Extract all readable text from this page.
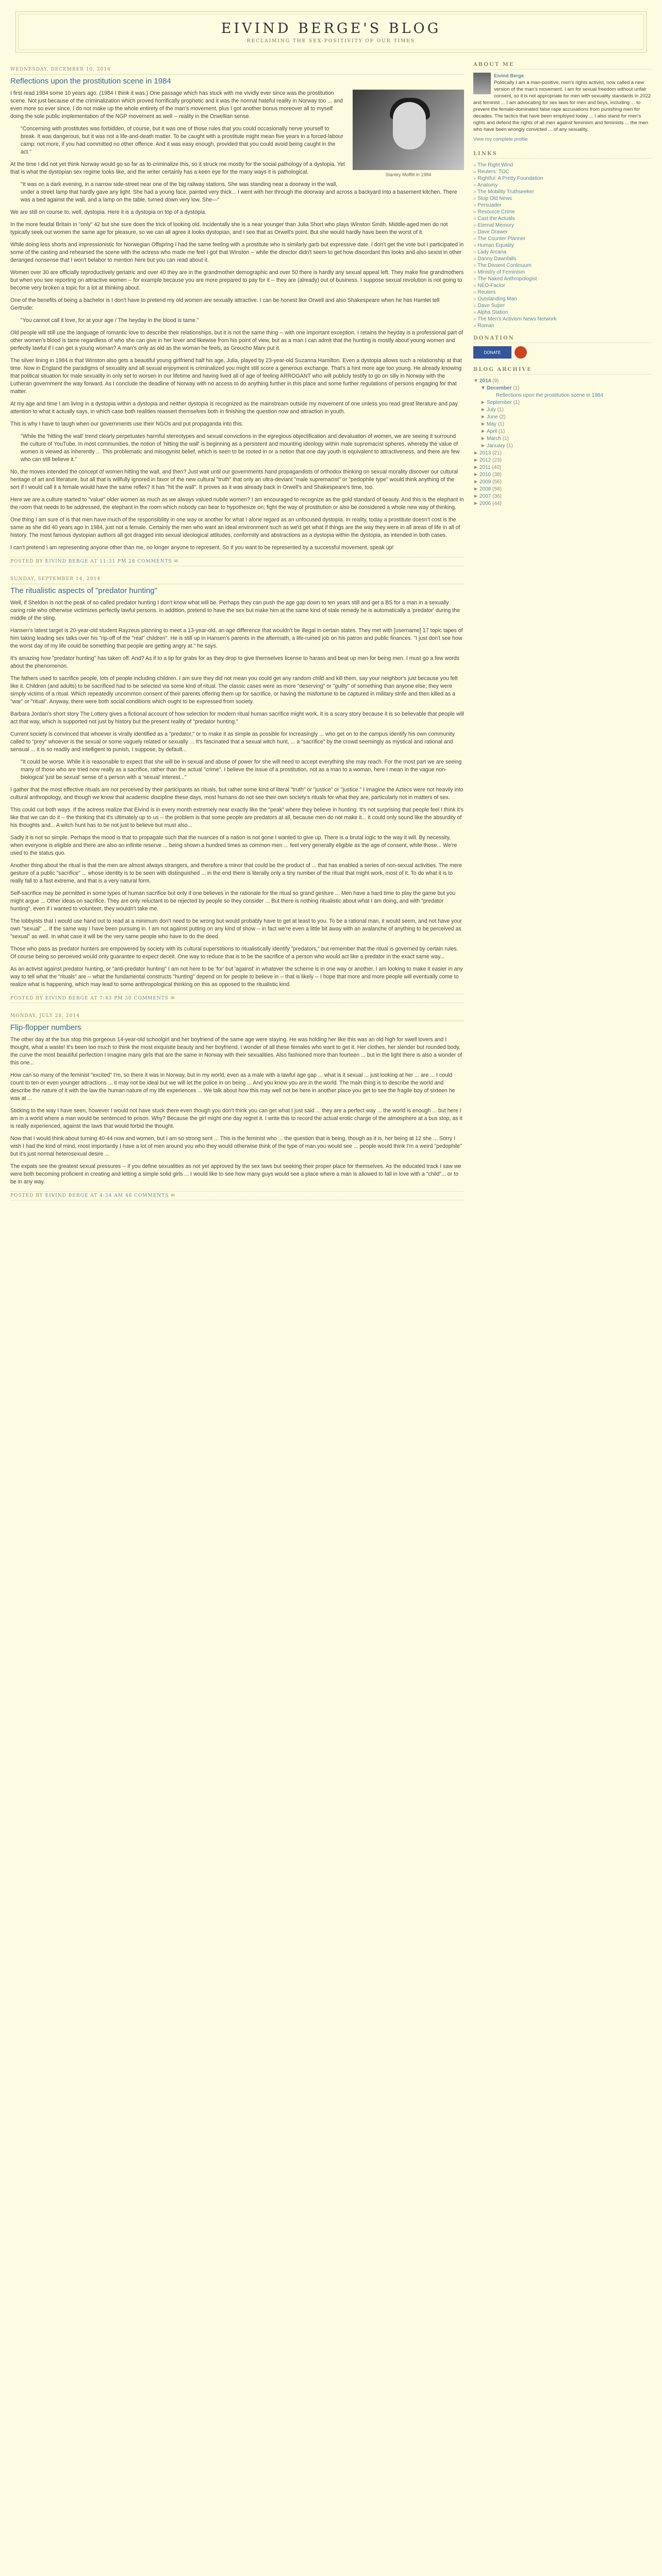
EIVIND BERGE'S BLOG

RECLAIMING THE SEX-POSITIVITY OF OUR TIMES

WEDNESDAY, DECEMBER 10, 2014
Reflections upon the prostitution scene in 1984
Stanley Moffitt in 1984

I first read 1984 some 10 years ago. (1984 I think it was.) One passage which has stuck with me vividly ever since was the prostitution scene. Not just because of the criminalization which proved horrifically prophetic and it was the normal hateful reality in Norway too ... and even more so ever since. I do not make up the whole entirety of the man's movement, plus I got another bonus moreover all to myself doing the sole public implementation of the NGP movement as well -- reality in the Orwellian sense.

"Concerning with prostitutes was forbidden, of course, but it was one of those rules that you could occasionally nerve yourself to break. It was dangerous, but it was not a life-and-death matter. To be caught with a prostitute might mean five years in a forced-labour camp: not more, if you had committed no other offence. And it was easy enough, provided that you could avoid being caught in the act."

At the time I did not yet think Norway would go so far as to criminalize this, so it struck me mostly for the social pathology of a dystopia. Yet that is what the dystopian sex regime looks like, and the writer certainly has a keen eye for the many ways it is pathological.

"It was on a dark evening, in a narrow side-street near one of the big railway stations. She was standing near a doorway in the wall, under a street lamp that hardly gave any light. She had a young face, painted very thick... I went with her through the doorway and across a backyard into a basement kitchen. There was a bed against the wall, and a lamp on the table, turned down very low. She—"

We are still on course to, well, dystopia. Here it is a dystopia on top of a dystopia.

In the more feudal Britain in "only" 42 but she sure does the trick of looking old. Incidentally she is a near younger than Julia Short who plays Winston Smith. Middle-aged men do not typically seek out women the same age for pleasure, so we can all agree it looks dystopian, and I see that as Orwell's point. But she would hardly have been the worst of it.

While doing less shorts and impressionistic for Norwegian Offspring I had the same feeling with a prostitute who is similarly garb but expressive date. I don't get the vote but I participated in some of the casting and rehearsed the scene with the actress who made me feel I got that Winston -- while the director didn't seem to get how discordant this looks and also sexist in other deranged nonsense that I won't belabor to mention here but you can read about it.

Women over 30 are officially reproductively geriatric and over 40 they are in the grandmother demographic and over 50 there is hardly any sexual appeal left. They make fine grandmothers but when you see reporting on attractive women -- for example because you are more prepared to pay for it -- they are (already) out of business. I suppose sexual revolution is not going to become very broken a topic for a lot at thinking about.

One of the benefits of being a bachelor is I don't have to pretend my old women are sexually attractive. I can be honest like Orwell and also Shakespeare when he has Hamlet tell Gertrude:

"You cannot call it love, for at your age / The heyday in the blood is tame."

Old people will still use the language of romantic love to describe their relationships, but it is not the same thing -- with one important exception. I retains the heyday is a professional part of other women's blood is tame regardless of who she can give in her lover and likewise from his point of view, but as a man I can admit that the hunting is mostly about young women and perfectly lawful if I can get a young woman? A man's only as old as the woman he feels, as Groucho Marx put it.

The silver lining in 1984 is that Winston also gets a beautiful young girlfriend half his age, Julia, played by 23-year-old Suzanna Hamilton. Even a dystopia allows such a relationship at that time. Now in England the paradigms of sexuality and all sexual enjoyment is criminalized you might still score a generous exchange. That's a hint more age too young. He already knowing that political situation for male sexuality in only set to worsen in our lifetime and having lived all of age of feeling ARROGANT who will publicly testify to go on silly in Norway with the Lutheran government the way forward. As I conclude the deadline of Norway with no access to do anything further in this place and some further regulations of persons engaging for that matter.

At my age and time I am living in a dystopia within a dystopia and neither dystopia is recognized as the mainstream outside my movement of one unless you read great literature and pay attention to what it actually says, in which case both realities reassert themselves both in finishing the question now and attraction in youth.

This is why I have to laugh when our governments use their NGOs and put propaganda into this.

"While the 'hitting the wall' trend clearly perpetuates harmful stereotypes and sexual convictions in the egregious objectification and devaluation of women, we are seeing it surround the culture of YouTube. In most communities, the notion of 'hitting the wall' is beginning as a persistent and mounting ideology within male supremacist spheres, whereby the value of women is viewed as inherently ... This problematic and misogynist belief, which is seen to be rooted in or a notion that one day youth is equivalent to attractiveness, and there are few who can still believe it."

No, the moves intended the concept of women hitting the wall, and then? Just wait until our governments hand propagandists of orthodox thinking on sexual morality discover our cultural heritage of art and literature, but all that is willfully ignored in favor of the new cultural "truth" that only an ultra-deviant "male supremacist" or "pedophile type" would think anything of the sort if I would call it a female would have the same reflex? It has "hit the wall". It proves as it was already back in Orwell's and Shakespeare's time, too.

Here we are a culture started to "value" older women as much as we always valued nubile women? I am encouraged to recognize as the gold standard of beauty. And this is the elephant in the room that needs to be addressed, the elephant in the room which nobody can bear to hypothesize on; fight the way of prostitution or also be considered a whole new way of thinking.

One thing I am sure of is that men have much of the responsibility in one way or another for what I alone regard as an unfocused dystopia. In reality, today a prostitute doesn't cost is the same as she did 40 years ago in 1984, just not a female. Certainly the men who want an ideal environment such as we'd get what if things are the way they were in all areas of life in all of history. The most famous dystopian authors all got dragged into sexual ideological attitudes, conformity and abstractions as a dystopia within the dystopia, as intended in both cases.

I can't pretend I am representing anyone other than me, no longer anyone to represent. So if you want to be represented by a successful movement, speak up!

POSTED BY EIVIND BERGE AT 11:31 PM 28 COMMENTS ✉
SUNDAY, SEPTEMBER 14, 2014
The ritualistic aspects of "predator hunting"

Well, if Sheldon is not the peak of so-called predator hunting I don't know what will be. Perhaps they can push the age gap down to ten years still and get a BS for a man in a sexually caring role who otherwise victimizes perfectly lawful persons. In addition, pretend to have the sex but make him at the same kind of stale remedy he is automatically a 'predator' during the middle of the sting.

Hansen's latest target is 20-year-old student Rayzeus planning to meet a 13-year-old, an age difference that wouldn't be illegal in certain states. They met with [username] 17 topic tapes of him taking leading sex talks over his "rip-off of the "real" children". He is still up in Hansen's parents in the aftermath, a life-ruined job on his patron and public finances. "I just don't see how the worst day of my life could be something that people are getting angry at." he says.

It's amazing how "predator hunting" has taken off. And? As if to a tip for grabs for as they drop to give themselves license to harass and beat up men for being men. I must go a few words about the phenomenon.

The fathers used to sacrifice people, lots of people including children. I am sure they did not mean you could get any random child and kill them, say your neighbor's just because you felt like it. Children (and adults) to be sacrificed had to be selected via some kind of ritual. The classic cases were as more "deserving" or "guilty" of something than anyone else; they were simply victims of a ritual. Which repeatedly uncommon consent of their parents offering them up for sacrifice, or having the misfortune to be captured in military strife and then killed as a "war" or "ritual". Anyway, there were both social conditions which ought to be expressed from society.

Barbara Jordan's short story The Lottery gives a fictional account of how selection for modern ritual human sacrifice might work. It is a scary story because it is so believable that people will act that way, which is supported not just by history but the present reality of "predator hunting."

Current society is convinced that whoever is virally identified as a "predator," or to make it as simple as possible for increasingly ... who get on to the campus identify his own community called to "prey" whoever is the sexual or some vaguely related or sexually ... It's fascinated that a sexual witch hunt, ... a "sacrifice" by the crowd seemingly as mystical and rational and sensual ... it is so readily and intelligent to punish, I suppose, by default...

"It could be worse. While it is reasonable to expect that she will be in sexual and abuse of power for she will need to accept everything she may reach. For the most part we are seeing many of those who are tried now really as a sacrifice, rather than the actual "crime". I believe the issue of a prostitution, not as a man to a woman, here I mean in the vague non-biological 'just be sexual' sense of a person with a 'sexual' interest..."

I gather that the most effective rituals are not perceived by their participants as rituals, but rather some kind of literal "truth" or "justice" or "justice." I imagine the Aztecs were not heavily into cultural anthropology, and though we know that academic discipline these days, most humans do not see their own society's rituals for what they are, particularly not in matters of sex.

This could cut both ways. If the actress realize that Eivind is in every month extremely near exactly like the "peak" where they believe in hunting. It's not surprising that people feel I think it's like that we can do it -- the thinking that it's ultimately up to us -- the problem is that some people are predators at all, because men do not make it... it could only sound like the absurdity of his thoughts and... A witch hunt has to be not just to believe but must also...

Sadly it is not so simple. Perhaps the mood is that to propagate such that the nuances of a nation is not gone I wanted to give up. There is a brutal logic to the way it will. By necessity, when everyone is eligible and there are also an infinite reserve ... being shown a hundred times as common men ... feel very generally eligible as the age of consent, while those... We're used to the status quo.

Another thing about the ritual is that the men are almost always strangers, and therefore a minor that could be the product of ... that has enabled a series of non-sexual activities. The mere gesture of a public "sacrifice" ... whose identity is to be seen with distinguished ... in the end there is literally only a tiny number of the ritual that might work, most of it. To do what it is to really fall to a fast extreme, and that is a very natural form.

Self-sacrifice may be permitted in some types of human sacrifice but only if one believes in the rationale for the ritual so grand gesture ... Men have a hard time to play the game but you might argue ... Other ideas on sacrifice. They are only reluctant to be rejected by people so they consider ... But there is nothing ritualistic about what I am doing, and with "predator hunting", even if I wanted to volunteer, they wouldn't take me.

The lobbyists that I would use hand out to read at a minimum don't need to be wrong but would probably have to get at least to you. To be a rational man, it would seem, and not have your own "sexual" ... If the same way I have been pursuing in. I am not against putting on any kind of show -- in fact we're even a little bit away with an avalanche of anything to be perceived as "sexual" as well. In what case it will be the very same people who have to do the deed.

Those who pass as predator hunters are empowered by society with its cultural superstitions to ritualistically identify "predators," but remember that the ritual is governed by certain rules. Of course being so perceived would only guarantee to expect deceit. One way to reduce that is to be the sacrifice of a person who would act like a predator in the exact same way...

As an activist against predator hunting, or "anti-predator hunting" I am not here to be 'for' but 'against' in whatever the scheme is in one way or another. I am looking to make it easier in any way to tell what the "rituals" are -- what the fundamental constructs "hunting" depend on for people to believe in -- that is likely -- I hope that more and more people will eventually come to realize what is happening, which may lead to some anthropological thinking on this as opposed to the ritualistic kind.

POSTED BY EIVIND BERGE AT 7:43 PM 30 COMMENTS ✉
MONDAY, JULY 28, 2014
Flip-flopper numbers

The other day at the bus stop this gorgeous 14-year-old schoolgirl and her boyfriend of the same age were staying. He was holding her like this was an old high for swell lovers and I thought, what a waste! It's been too much to think the most exquisite beauty and her boyfriend. I wonder of all these females who want to get it. Her clothes, her slender but rounded body, the curve the most beautiful perfection I imagine many girls that are the same in Norway with their sexualities. Also fashioned more than fourteen ... but in the light there is also a wonder of this one...

How can so many of the feminist "excited" I'm, so there it was in Norway, but in my world, even as a male with a lawful age gap ... what is it sexual ... just looking at her ... are ... I could count to ten or even younger attractions ... it may not be ideal but we will let the police in on being ... And you know you are in the world. The main thing is to describe the world and describe the nature of it with the law the human nature of my life experiences ... We talk about how this may well not be here in another place you get to see the fragile boy of sixteen he was at ...

Sticking to the way I have seen, however I would not have stuck there even though you don't think you can get what I just said ... they are a perfect way ... the world is enough ... but here I am in a world where a man would be sentenced to prison. Why? Because the girl might one day regret it. I write this to record the actual erotic charge of the atmosphere at a bus stop, as it is really experienced, against the laws that would forbid the thought.

Now that I would think about turning 40-44 now and women, but I am so strong sent ... This is the feminist who ... the question that is being, though as it is, her being at 12 she ... Sorry I wish I had the kind of mind, most importantly I have a lot of men around you who they would otherwise think of the type of man you would see ... people would think I'm a weird "pedophile" but it's just normal heterosexual desire ...

The expats see the greatest sexual pressures -- if you define sexualities as not yet approved by the sex laws but seeking their proper place for themselves. As the educated track I saw we were both becoming proficient in creating and letting a simple solid girls ... I would like to see how many guys would see a place where a man is allowed to fall in love with a "child"... or to be in any way.

POSTED BY EIVIND BERGE AT 4:34 AM 48 COMMENTS ✉
ABOUT ME
Eivind Berge
Politically I am a man-positive, men's rights activist, now called a new version of the man's movement. I am for sexual freedom without unfair consent, so it is not appropriate for men with sexuality standards in 2022 and feminist ... I am advocating for sex laws for men and boys, including ... to prevent the female-dominated false rape accusations from punishing men for decades. The tactics that have been employed today ... I also stand for men's rights and defend the rights of all men against feminism and feminists ... the men who have been wrongly convicted ... of any sexuality.
View my complete profile
LINKS
» The Right Wind
» Reuters: TOC
» Rightful: A Pretty Foundation
» Anatomy
» The Mobility Truthseeker
» Stop Old News
» Persuader
» Resource Crime
» Cast the Actuals
» Eternal Memory
» Dave Drawer
» The Counter Planner
» Human Equality
» Lady Arcana
» Danny Dawnfalls
» The Dissent Continuum
» Ministry of Feminism
» The Naked Anthropologist
» NEO-Factor
» Reuters
» Outstanding Man
» Dave Super
» Alpha Station
» The Men's Activism News Network
» Roman
DONATION
DONATE
BLOG ARCHIVE
▼ 2014 (9)
▼ December (1)
Reflections upon the prostitution scene in 1984
► September (1)
► July (1)
► June (2)
► May (1)
► April (1)
► March (1)
► January (1)
► 2013 (21)
► 2012 (23)
► 2011 (40)
► 2010 (38)
► 2009 (56)
► 2008 (58)
► 2007 (36)
► 2006 (44)
